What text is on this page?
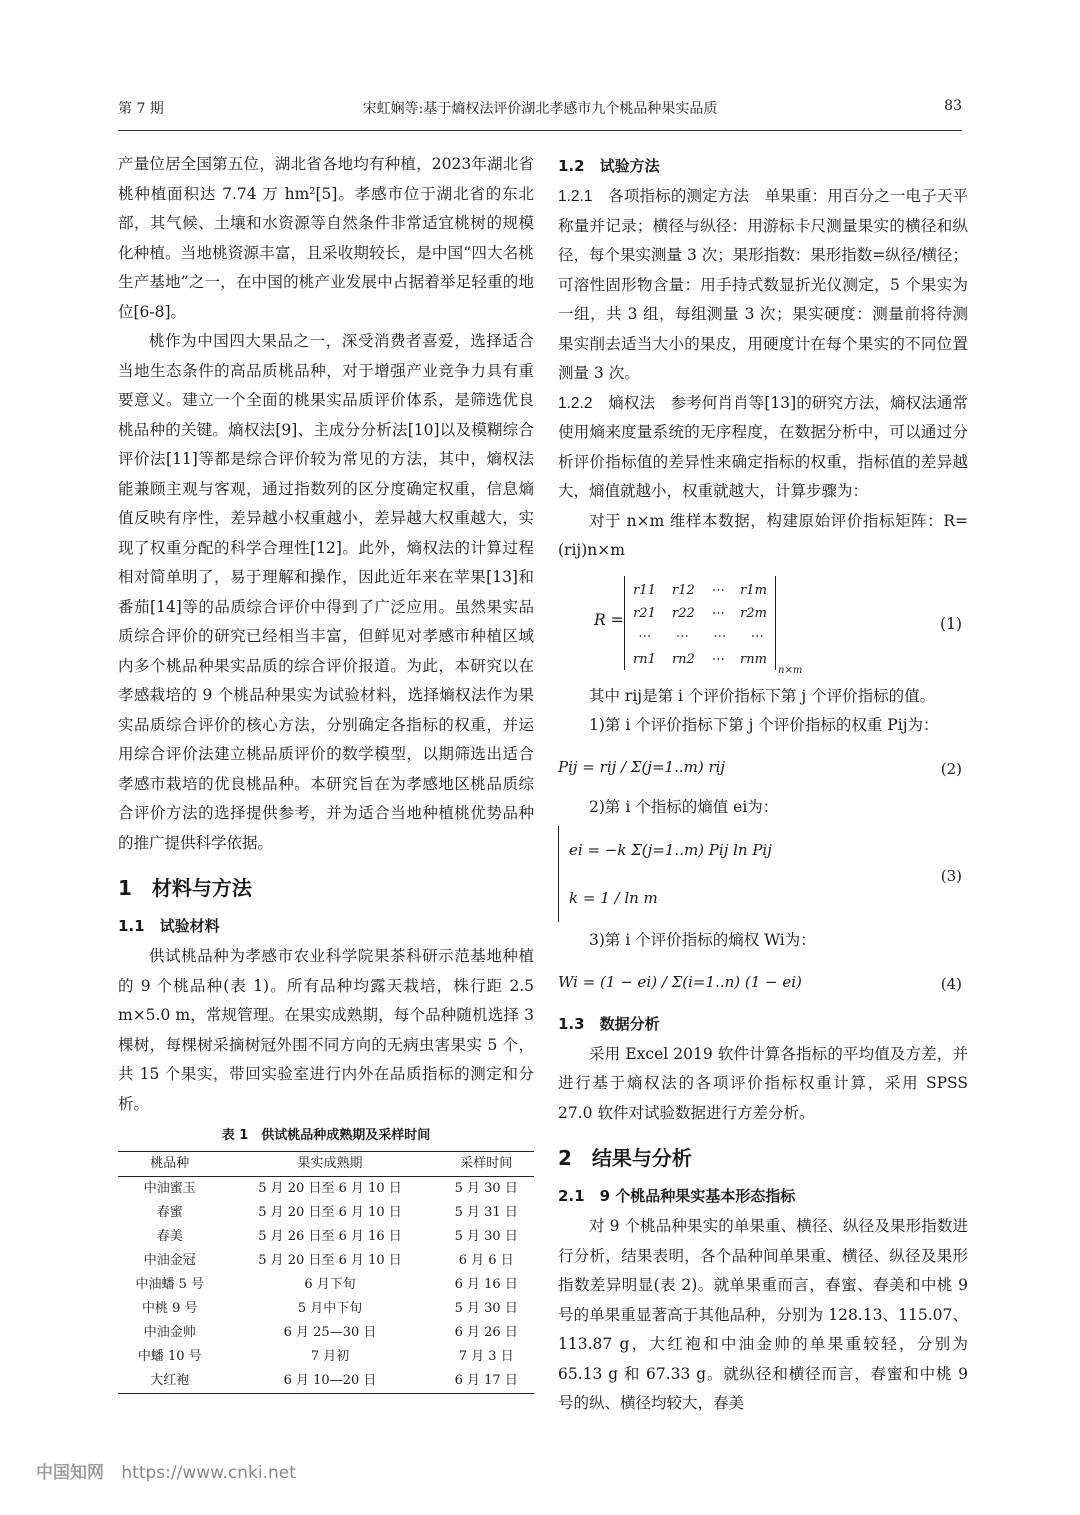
第 7 期	宋虹娴等:基于熵权法评价湖北孝感市九个桃品种果实品质	83

产量位居全国第五位，湖北省各地均有种植，2023年湖北省桃种植面积达 7.74 万 hm²[5]。孝感市位于湖北省的东北部，其气候、土壤和水资源等自然条件非常适宜桃树的规模化种植。当地桃资源丰富，且采收期较长，是中国“四大名桃生产基地”之一，在中国的桃产业发展中占据着举足轻重的地位[6-8]。

桃作为中国四大果品之一，深受消费者喜爱，选择适合当地生态条件的高品质桃品种，对于增强产业竞争力具有重要意义。建立一个全面的桃果实品质评价体系，是筛选优良桃品种的关键。熵权法[9]、主成分分析法[10]以及模糊综合评价法[11]等都是综合评价较为常见的方法，其中，熵权法能兼顾主观与客观，通过指数列的区分度确定权重，信息熵值反映有序性，差异越小权重越小，差异越大权重越大，实现了权重分配的科学合理性[12]。此外，熵权法的计算过程相对简单明了，易于理解和操作，因此近年来在苹果[13]和番茄[14]等的品质综合评价中得到了广泛应用。虽然果实品质综合评价的研究已经相当丰富，但鲜见对孝感市种植区域内多个桃品种果实品质的综合评价报道。为此，本研究以在孝感栽培的 9 个桃品种果实为试验材料，选择熵权法作为果实品质综合评价的核心方法，分别确定各指标的权重，并运用综合评价法建立桃品质评价的数学模型，以期筛选出适合孝感市栽培的优良桃品种。本研究旨在为孝感地区桃品质综合评价方法的选择提供参考，并为适合当地种植桃优势品种的推广提供科学依据。

1　材料与方法
1.1　试验材料

供试桃品种为孝感市农业科学院果茶科研示范基地种植的 9 个桃品种(表 1)。所有品种均露天栽培，株行距 2.5 m×5.0 m，常规管理。在果实成熟期，每个品种随机选择 3 棵树，每棵树采摘树冠外围不同方向的无病虫害果实 5 个，共 15 个果实，带回实验室进行内外在品质指标的测定和分析。

表 1　供试桃品种成熟期及采样时间
桃品种	果实成熟期	采样时间
中油蜜玉	5 月 20 日至 6 月 10 日	5 月 30 日
春蜜	5 月 20 日至 6 月 10 日	5 月 31 日
春美	5 月 26 日至 6 月 16 日	5 月 30 日
中油金冠	5 月 20 日至 6 月 10 日	6 月 6 日
中油蟠 5 号	6 月下旬	6 月 16 日
中桃 9 号	5 月中下旬	5 月 30 日
中油金帅	6 月 25—30 日	6 月 26 日
中蟠 10 号	7 月初	7 月 3 日
大红袍	6 月 10—20 日	6 月 17 日
1.2　试验方法

1.2.1　各项指标的测定方法　 单果重：用百分之一电子天平称量并记录；横径与纵径：用游标卡尺测量果实的横径和纵径，每个果实测量 3 次；果形指数：果形指数=纵径/横径；可溶性固形物含量：用手持式数显折光仪测定，5 个果实为一组，共 3 组，每组测量 3 次；果实硬度：测量前将待测果实削去适当大小的果皮，用硬度计在每个果实的不同位置测量 3 次。

1.2.2　熵权法　 参考何肖肖等[13]的研究方法，熵权法通常使用熵来度量系统的无序程度，在数据分析中，可以通过分析评价指标值的差异性来确定指标的权重，指标值的差异越大，熵值就越小，权重就越大，计算步骤为：

对于 n×m 维样本数据，构建原始评价指标矩阵：R=(rij)n×m

R =
r11 r12 ⋯ r1m
r21 r22 ⋯ r2m
⋯ ⋯ ⋯ ⋯
rn1 rn2 ⋯ rnm
n×m
(1)

其中 rij是第 i 个评价指标下第 j 个评价指标的值。

1)第 i 个评价指标下第 j 个评价指标的权重 Pij为：

Pij = rij / Σ(j=1..m) rij	(2)

2)第 i 个指标的熵值 ei为：

ei = −k Σ(j=1..m) Pij ln Pij
k = 1 / ln m
(3)

3)第 i 个评价指标的熵权 Wi为：

Wi = (1 − ei) / Σ(i=1..n) (1 − ei)	(4)
1.3　数据分析

采用 Excel 2019 软件计算各指标的平均值及方差，并进行基于熵权法的各项评价指标权重计算，采用 SPSS 27.0 软件对试验数据进行方差分析。

2　结果与分析
2.1　9 个桃品种果实基本形态指标

对 9 个桃品种果实的单果重、横径、纵径及果形指数进行分析，结果表明，各个品种间单果重、横径、纵径及果形指数差异明显(表 2)。就单果重而言，春蜜、春美和中桃 9 号的单果重显著高于其他品种，分别为 128.13、115.07、113.87 g，大红袍和中油金帅的单果重较轻，分别为 65.13 g 和 67.33 g。就纵径和横径而言，春蜜和中桃 9 号的纵、横径均较大，春美

中国知网 https://www.cnki.net
